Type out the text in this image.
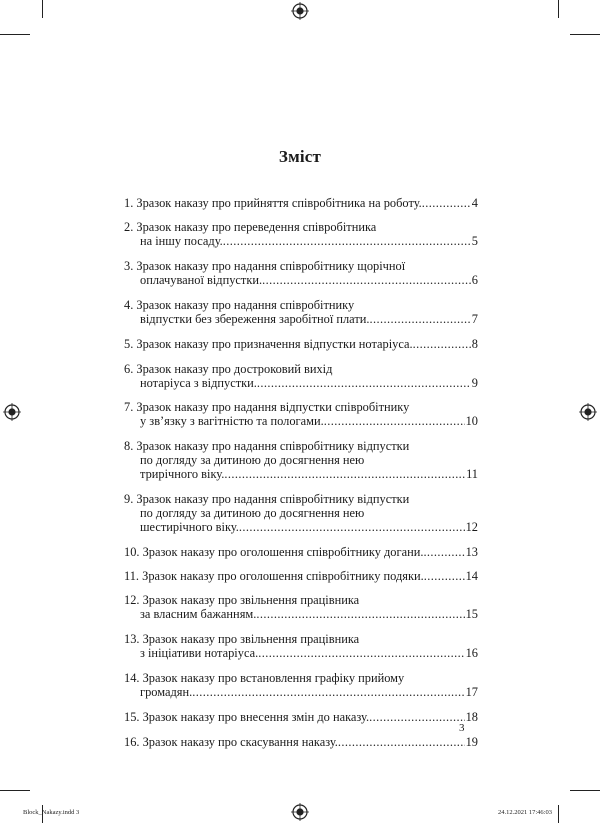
Зміст
1. Зразок наказу про прийняття співробітника на роботу. .....	4
2. Зразок наказу про переведення співробітника
на іншу посаду. .....	5
3. Зразок наказу про надання співробітнику щорічної
оплачуваної відпустки. .....	6
4. Зразок наказу про надання співробітнику
відпустки без збереження заробітної плати. .....	7
5. Зразок наказу про призначення відпустки нотаріуса. .....	8
6. Зразок наказу про достроковий вихід
нотаріуса з відпустки. .....	9
7. Зразок наказу про надання відпустки співробітнику
у зв’язку з вагітністю та пологами. .....	10
8. Зразок наказу про надання співробітнику відпустки
по догляду за дитиною до досягнення нею
трирічного віку. .....	11
9. Зразок наказу про надання співробітнику відпустки
по догляду за дитиною до досягнення нею
шестирічного віку. .....	12
10. Зразок наказу про оголошення співробітнику догани. .....	13
11. Зразок наказу про оголошення співробітнику подяки. .....	14
12. Зразок наказу про звільнення працівника
за власним бажанням. .....	15
13. Зразок наказу про звільнення працівника
з ініціативи нотаріуса. .....	16
14. Зразок наказу про встановлення графіку прийому
громадян. .....	17
15. Зразок наказу про внесення змін до наказу. .....	18
16. Зразок наказу про скасування наказу. .....	19
3
Block_Nakazy.indd 3	24.12.2021 17:46:03
